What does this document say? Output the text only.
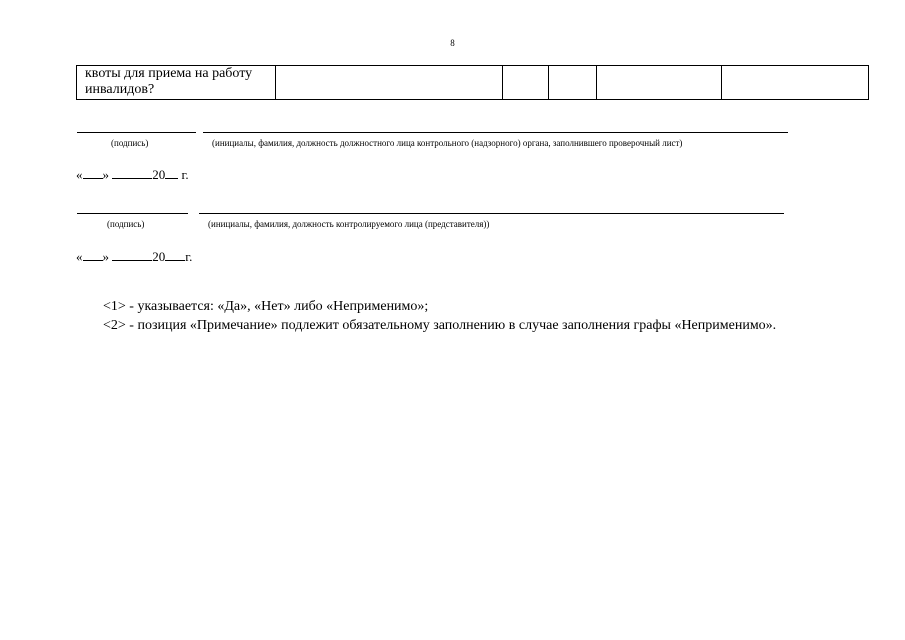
8
квоты для приема на работу инвалидов?					
(подпись)	(инициалы, фамилия, должность должностного лица контрольного (надзорного) органа, заполнившего проверочный лист)
« »	20 г.
(подпись)	(инициалы, фамилия, должность контролируемого лица (представителя))
« »	20 г.
<1> - указывается: «Да», «Нет» либо «Неприменимо»;
<2> - позиция «Примечание» подлежит обязательному заполнению в случае заполнения графы «Неприменимо».
